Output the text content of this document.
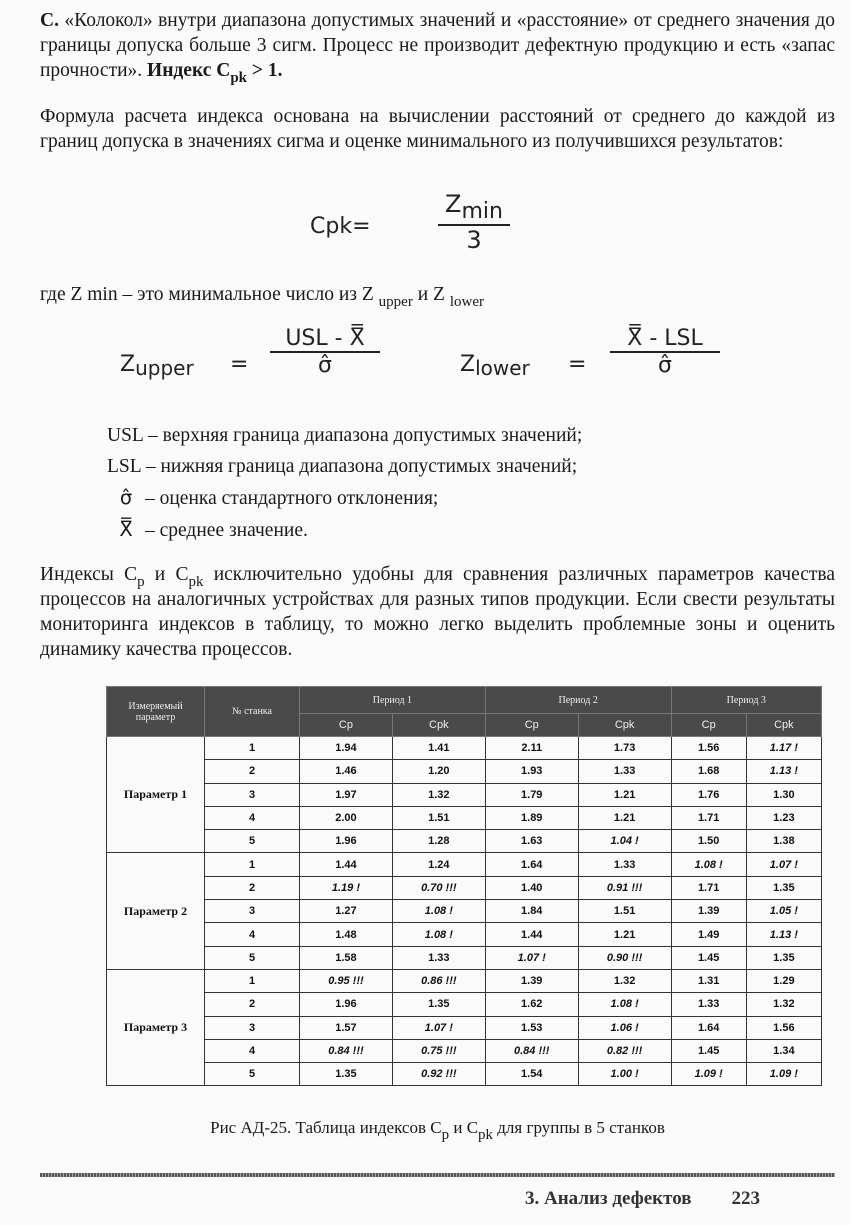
С. «Колокол» внутри диапазона допустимых значений и «расстояние» от среднего значения до границы допуска больше 3 сигм. Процесс не производит дефектную продукцию и есть «запас прочности». Индекс $C_{pk} > 1$.

Формула расчета индекса основана на вычислении расстояний от среднего до каждой из границ допуска в значениях сигма и оценке минимального из получившихся результатов:

Cpk=
Zmin
3

где Z min – это минимальное число из Z $_{upper}$ и Z $_{lower}$

Zupper =
USL - X̿
σ̂	Zlower =
X̿ - LSL
σ̂
USL – верхняя граница диапазона допустимых значений;
LSL – нижняя граница диапазона допустимых значений;
σ̂ – оценка стандартного отклонения;
X̿ – среднее значение.

Индексы $C_p$ и $C_{pk}$ исключительно удобны для сравнения различных параметров качества процессов на аналогичных устройствах для разных типов продукции. Если свести результаты мониторинга индексов в таблицу, то можно легко выделить проблемные зоны и оценить динамику качества процессов.

Измеряемый параметр	№ станка	Период 1		Период 2		Период 3	
		Cp	Cpk	Cp	Cpk	Cp	Cpk
Параметр 1	1	1.94	1.41	2.11	1.73	1.56	1.17 !
	2	1.46	1.20	1.93	1.33	1.68	1.13 !
	3	1.97	1.32	1.79	1.21	1.76	1.30
	4	2.00	1.51	1.89	1.21	1.71	1.23
	5	1.96	1.28	1.63	1.04 !	1.50	1.38
Параметр 2	1	1.44	1.24	1.64	1.33	1.08 !	1.07 !
	2	1.19 !	0.70 !!!	1.40	0.91 !!!	1.71	1.35
	3	1.27	1.08 !	1.84	1.51	1.39	1.05 !
	4	1.48	1.08 !	1.44	1.21	1.49	1.13 !
	5	1.58	1.33	1.07 !	0.90 !!!	1.45	1.35
Параметр 3	1	0.95 !!!	0.86 !!!	1.39	1.32	1.31	1.29
	2	1.96	1.35	1.62	1.08 !	1.33	1.32
	3	1.57	1.07 !	1.53	1.06 !	1.64	1.56
	4	0.84 !!!	0.75 !!!	0.84 !!!	0.82 !!!	1.45	1.34
	5	1.35	0.92 !!!	1.54	1.00 !	1.09 !	1.09 !
Рис АД-25. Таблица индексов $C_p$ и $C_{pk}$ для группы в 5 станков
3. Анализ дефектов 223
